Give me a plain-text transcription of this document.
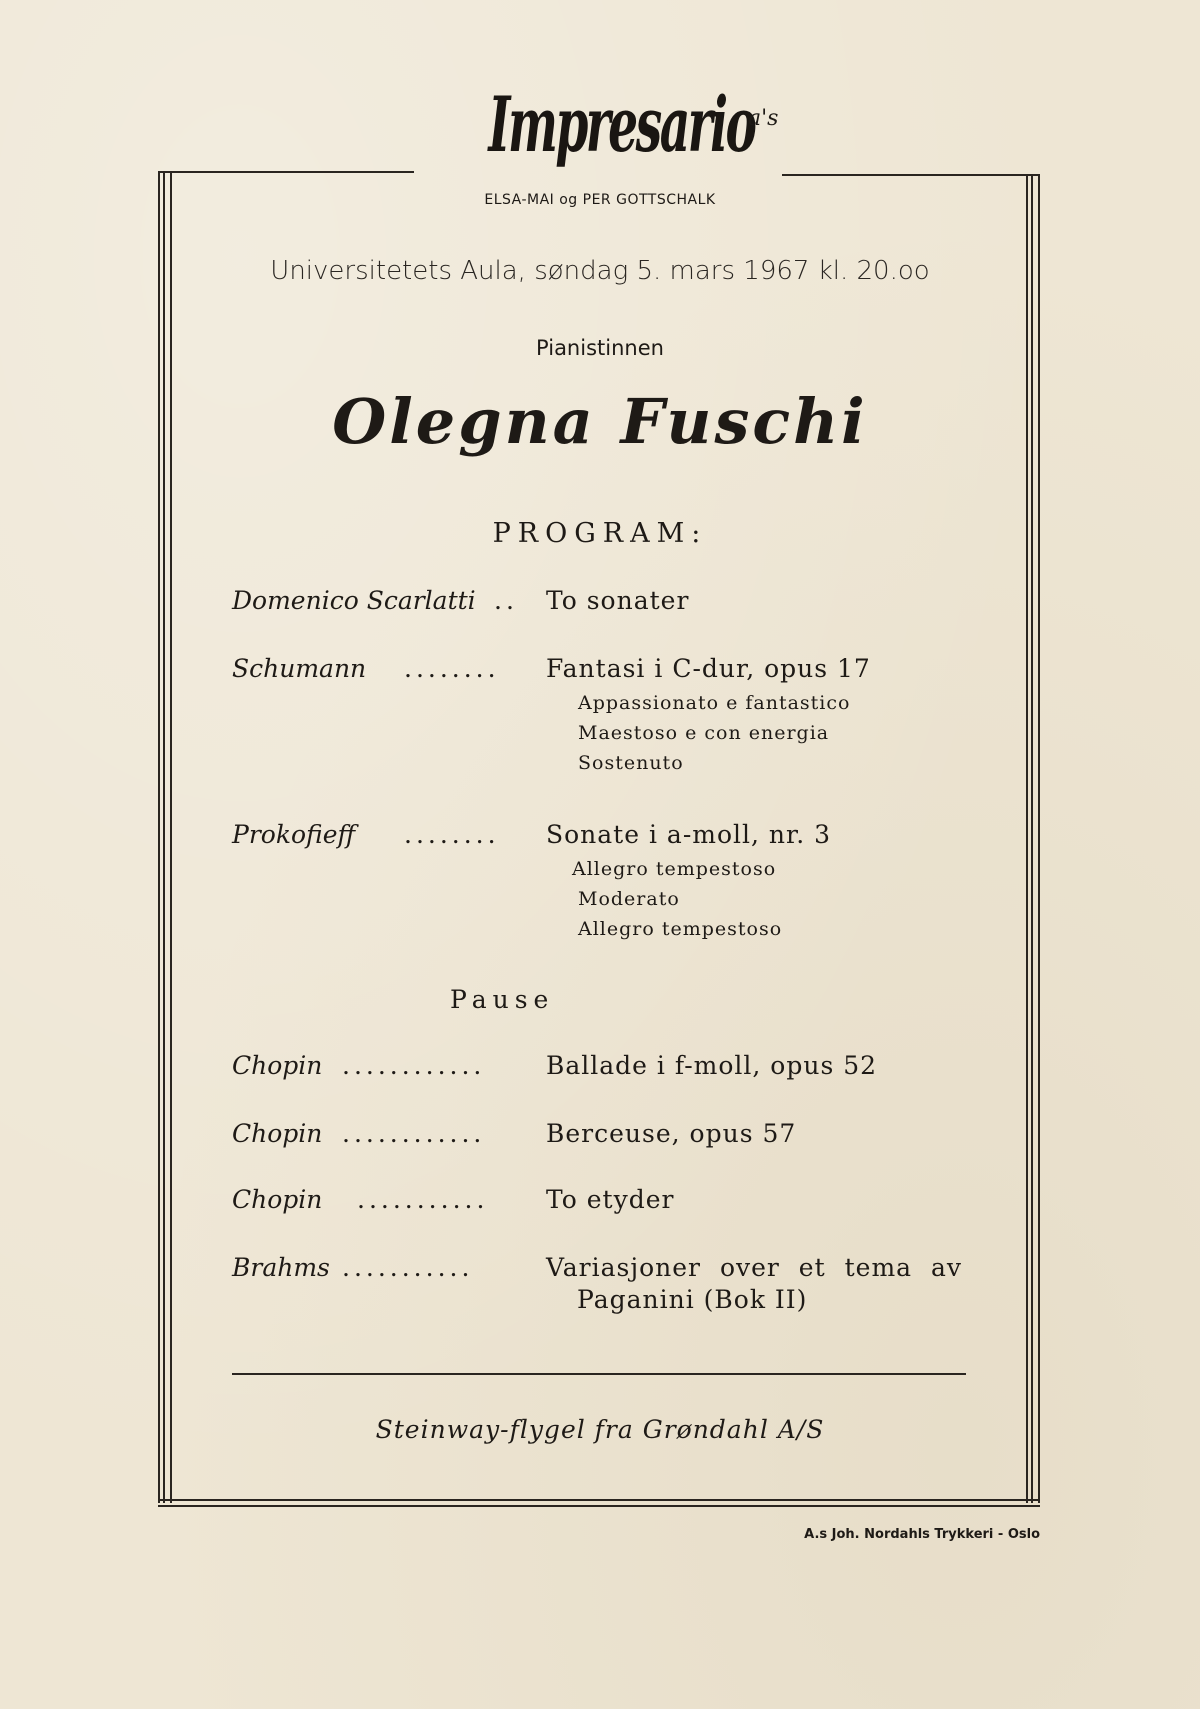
Impresario
a's
ELSA-MAI og PER GOTTSCHALK
Universitetets Aula, søndag 5. mars 1967 kl. 20.oo
Pianistinnen
Olegna Fuschi
PROGRAM:
Domenico Scarlatti .. To sonater
Schumann ........ Fantasi i C-dur, opus 17
Appassionato e fantastico
Maestoso e con energia
Sostenuto
Prokofieff ........ Sonate i a-moll, nr. 3
Allegro tempestoso
Moderato
Allegro tempestoso
Pause
Chopin ............ Ballade i f-moll, opus 52
Chopin ............ Berceuse, opus 57
Chopin ........... To etyder
Brahms ...........	Variasjoner over et tema av
Paganini (Bok II)
Steinway-flygel fra Grøndahl A/S
A.s Joh. Nordahls Trykkeri - Oslo
